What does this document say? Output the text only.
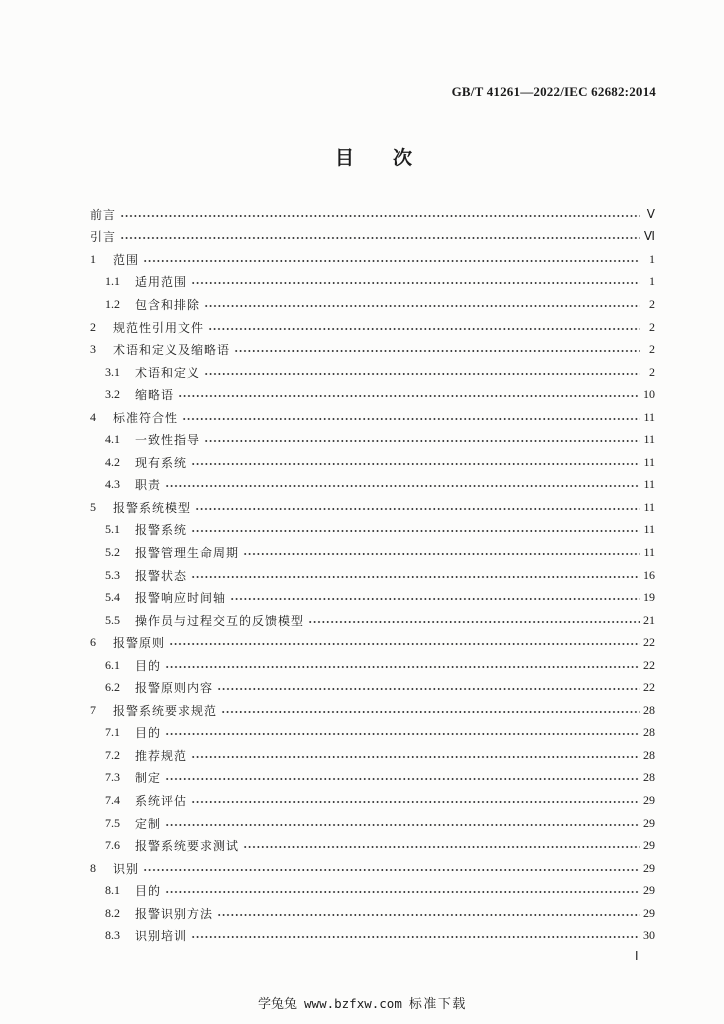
GB/T 41261—2022/IEC 62682:2014
目次
前言	Ⅴ
引言	Ⅵ
1	范围	1
1.1	适用范围	1
1.2	包含和排除	2
2	规范性引用文件	2
3	术语和定义及缩略语	2
3.1	术语和定义	2
3.2	缩略语	10
4	标准符合性	11
4.1	一致性指导	11
4.2	现有系统	11
4.3	职责	11
5	报警系统模型	11
5.1	报警系统	11
5.2	报警管理生命周期	11
5.3	报警状态	16
5.4	报警响应时间轴	19
5.5	操作员与过程交互的反馈模型	21
6	报警原则	22
6.1	目的	22
6.2	报警原则内容	22
7	报警系统要求规范	28
7.1	目的	28
7.2	推荐规范	28
7.3	制定	28
7.4	系统评估	29
7.5	定制	29
7.6	报警系统要求测试	29
8	识别	29
8.1	目的	29
8.2	报警识别方法	29
8.3	识别培训	30
Ⅰ
学兔兔 www.bzfxw.com 标准下载
